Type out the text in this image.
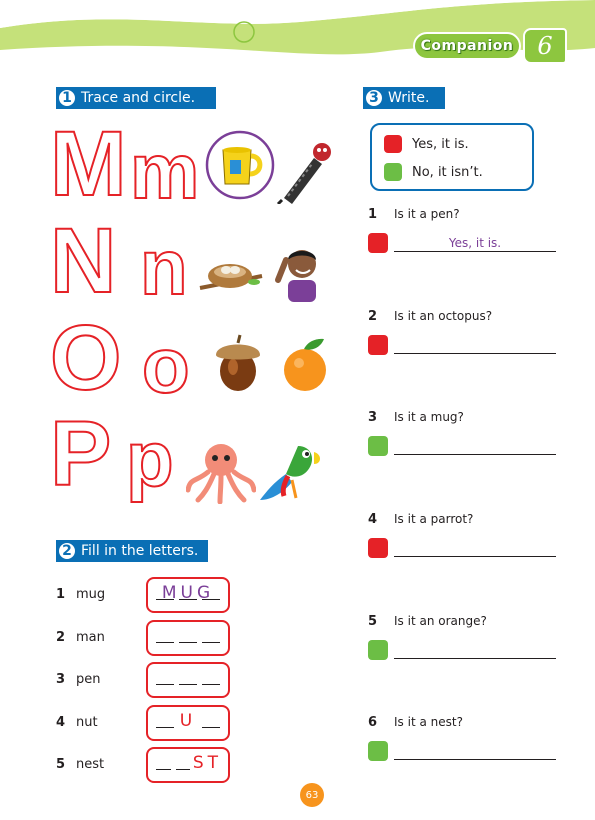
Companion 6
1 Trace and circle.
M m
N n
O o
P p
2 Fill in the letters.
1 mug	MUG
2 man
3 pen
4 nut	U
5 nest	ST
3 Write.
Yes, it is.
No, it isn’t.
1 Is it a pen?
Yes, it is.
2 Is it an octopus?
3 Is it a mug?
4 Is it a parrot?
5 Is it an orange?
6 Is it a nest?
63
